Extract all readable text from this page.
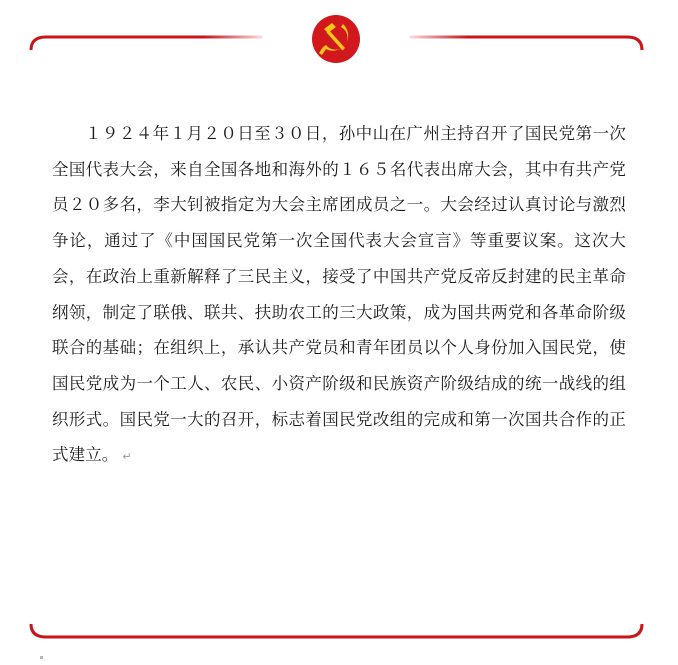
１９２４年１月２０日至３０日，孙中山在广州主持召开了国民党第一次全国代表大会，来自全国各地和海外的１６５名代表出席大会，其中有共产党员２０多名，李大钊被指定为大会主席团成员之一。大会经过认真讨论与激烈争论，通过了《中国国民党第一次全国代表大会宣言》等重要议案。这次大会，在政治上重新解释了三民主义，接受了中国共产党反帝反封建的民主革命纲领，制定了联俄、联共、扶助农工的三大政策，成为国共两党和各革命阶级联合的基础；在组织上，承认共产党员和青年团员以个人身份加入国民党，使国民党成为一个工人、农民、小资产阶级和民族资产阶级结成的统一战线的组织形式。国民党一大的召开，标志着国民党改组的完成和第一次国共合作的正式建立。 ↵
